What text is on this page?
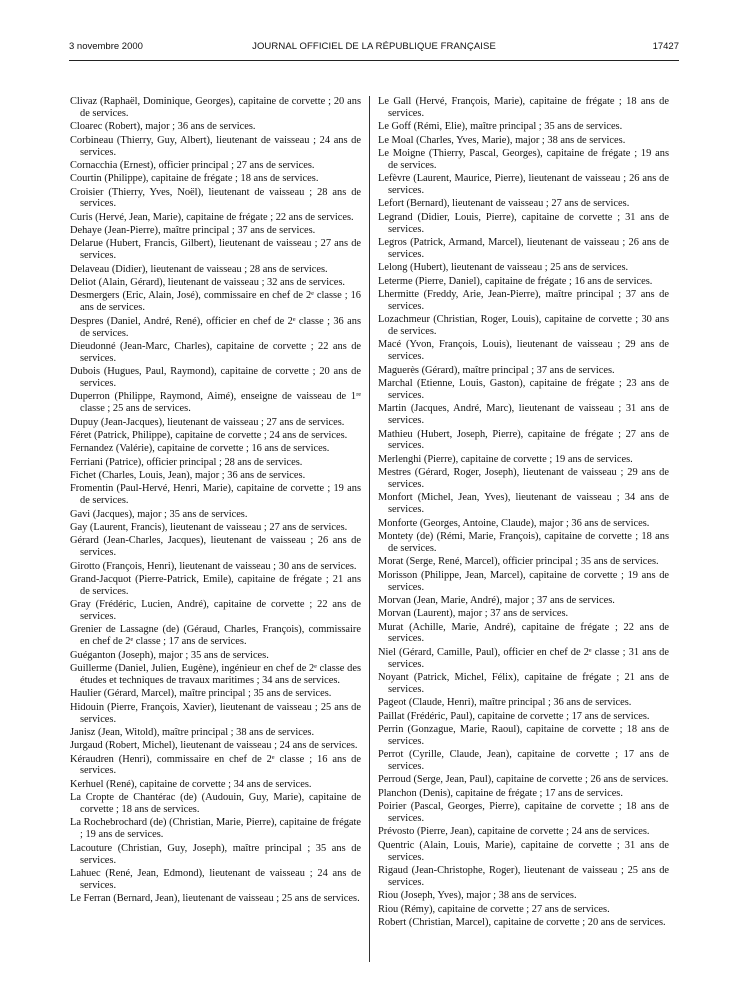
3 novembre 2000	JOURNAL OFFICIEL DE LA RÉPUBLIQUE FRANÇAISE	17427

Clivaz (Raphaël, Dominique, Georges), capitaine de corvette ; 20 ans de services.

Cloarec (Robert), major ; 36 ans de services.

Corbineau (Thierry, Guy, Albert), lieutenant de vaisseau ; 24 ans de services.

Cornacchia (Ernest), officier principal ; 27 ans de services.

Courtin (Philippe), capitaine de frégate ; 18 ans de services.

Croisier (Thierry, Yves, Noël), lieutenant de vaisseau ; 28 ans de services.

Curis (Hervé, Jean, Marie), capitaine de frégate ; 22 ans de services.

Dehaye (Jean-Pierre), maître principal ; 37 ans de services.

Delarue (Hubert, Francis, Gilbert), lieutenant de vaisseau ; 27 ans de services.

Delaveau (Didier), lieutenant de vaisseau ; 28 ans de services.

Deliot (Alain, Gérard), lieutenant de vaisseau ; 32 ans de services.

Desmergers (Eric, Alain, José), commissaire en chef de 2ᵉ classe ; 16 ans de services.

Despres (Daniel, André, René), officier en chef de 2ᵉ classe ; 36 ans de services.

Dieudonné (Jean-Marc, Charles), capitaine de corvette ; 22 ans de services.

Dubois (Hugues, Paul, Raymond), capitaine de corvette ; 20 ans de services.

Duperron (Philippe, Raymond, Aimé), enseigne de vaisseau de 1ʳᵉ classe ; 25 ans de services.

Dupuy (Jean-Jacques), lieutenant de vaisseau ; 27 ans de services.

Féret (Patrick, Philippe), capitaine de corvette ; 24 ans de services.

Fernandez (Valérie), capitaine de corvette ; 16 ans de services.

Ferriani (Patrice), officier principal ; 28 ans de services.

Fichet (Charles, Louis, Jean), major ; 36 ans de services.

Fromentin (Paul-Hervé, Henri, Marie), capitaine de corvette ; 19 ans de services.

Gavi (Jacques), major ; 35 ans de services.

Gay (Laurent, Francis), lieutenant de vaisseau ; 27 ans de services.

Gérard (Jean-Charles, Jacques), lieutenant de vaisseau ; 26 ans de services.

Girotto (François, Henri), lieutenant de vaisseau ; 30 ans de services.

Grand-Jacquot (Pierre-Patrick, Emile), capitaine de frégate ; 21 ans de services.

Gray (Frédéric, Lucien, André), capitaine de corvette ; 22 ans de services.

Grenier de Lassagne (de) (Géraud, Charles, François), commissaire en chef de 2ᵉ classe ; 17 ans de services.

Guéganton (Joseph), major ; 35 ans de services.

Guillerme (Daniel, Julien, Eugène), ingénieur en chef de 2ᵉ classe des études et techniques de travaux maritimes ; 34 ans de services.

Haulier (Gérard, Marcel), maître principal ; 35 ans de services.

Hidouin (Pierre, François, Xavier), lieutenant de vaisseau ; 25 ans de services.

Janisz (Jean, Witold), maître principal ; 38 ans de services.

Jurgaud (Robert, Michel), lieutenant de vaisseau ; 24 ans de services.

Kéraudren (Henri), commissaire en chef de 2ᵉ classe ; 16 ans de services.

Kerhuel (René), capitaine de corvette ; 34 ans de services.

La Cropte de Chantérac (de) (Audouin, Guy, Marie), capitaine de corvette ; 18 ans de services.

La Rochebrochard (de) (Christian, Marie, Pierre), capitaine de frégate ; 19 ans de services.

Lacouture (Christian, Guy, Joseph), maître principal ; 35 ans de services.

Lahuec (René, Jean, Edmond), lieutenant de vaisseau ; 24 ans de services.

Le Ferran (Bernard, Jean), lieutenant de vaisseau ; 25 ans de services.

Le Gall (Hervé, François, Marie), capitaine de frégate ; 18 ans de services.

Le Goff (Rémi, Elie), maître principal ; 35 ans de services.

Le Moal (Charles, Yves, Marie), major ; 38 ans de services.

Le Moigne (Thierry, Pascal, Georges), capitaine de frégate ; 19 ans de services.

Lefèvre (Laurent, Maurice, Pierre), lieutenant de vaisseau ; 26 ans de services.

Lefort (Bernard), lieutenant de vaisseau ; 27 ans de services.

Legrand (Didier, Louis, Pierre), capitaine de corvette ; 31 ans de services.

Legros (Patrick, Armand, Marcel), lieutenant de vaisseau ; 26 ans de services.

Lelong (Hubert), lieutenant de vaisseau ; 25 ans de services.

Leterme (Pierre, Daniel), capitaine de frégate ; 16 ans de services.

Lhermitte (Freddy, Arie, Jean-Pierre), maître principal ; 37 ans de services.

Lozachmeur (Christian, Roger, Louis), capitaine de corvette ; 30 ans de services.

Macé (Yvon, François, Louis), lieutenant de vaisseau ; 29 ans de services.

Maguerès (Gérard), maître principal ; 37 ans de services.

Marchal (Etienne, Louis, Gaston), capitaine de frégate ; 23 ans de services.

Martin (Jacques, André, Marc), lieutenant de vaisseau ; 31 ans de services.

Mathieu (Hubert, Joseph, Pierre), capitaine de frégate ; 27 ans de services.

Merlenghi (Pierre), capitaine de corvette ; 19 ans de services.

Mestres (Gérard, Roger, Joseph), lieutenant de vaisseau ; 29 ans de services.

Monfort (Michel, Jean, Yves), lieutenant de vaisseau ; 34 ans de services.

Monforte (Georges, Antoine, Claude), major ; 36 ans de services.

Montety (de) (Rémi, Marie, François), capitaine de corvette ; 18 ans de services.

Morat (Serge, René, Marcel), officier principal ; 35 ans de services.

Morisson (Philippe, Jean, Marcel), capitaine de corvette ; 19 ans de services.

Morvan (Jean, Marie, André), major ; 37 ans de services.

Morvan (Laurent), major ; 37 ans de services.

Murat (Achille, Marie, André), capitaine de frégate ; 22 ans de services.

Niel (Gérard, Camille, Paul), officier en chef de 2ᵉ classe ; 31 ans de services.

Noyant (Patrick, Michel, Félix), capitaine de frégate ; 21 ans de services.

Pageot (Claude, Henri), maître principal ; 36 ans de services.

Paillat (Frédéric, Paul), capitaine de corvette ; 17 ans de services.

Perrin (Gonzague, Marie, Raoul), capitaine de corvette ; 18 ans de services.

Perrot (Cyrille, Claude, Jean), capitaine de corvette ; 17 ans de services.

Perroud (Serge, Jean, Paul), capitaine de corvette ; 26 ans de services.

Planchon (Denis), capitaine de frégate ; 17 ans de services.

Poirier (Pascal, Georges, Pierre), capitaine de corvette ; 18 ans de services.

Prévosto (Pierre, Jean), capitaine de corvette ; 24 ans de services.

Quentric (Alain, Louis, Marie), capitaine de corvette ; 31 ans de services.

Rigaud (Jean-Christophe, Roger), lieutenant de vaisseau ; 25 ans de services.

Riou (Joseph, Yves), major ; 38 ans de services.

Riou (Rémy), capitaine de corvette ; 27 ans de services.

Robert (Christian, Marcel), capitaine de corvette ; 20 ans de services.
